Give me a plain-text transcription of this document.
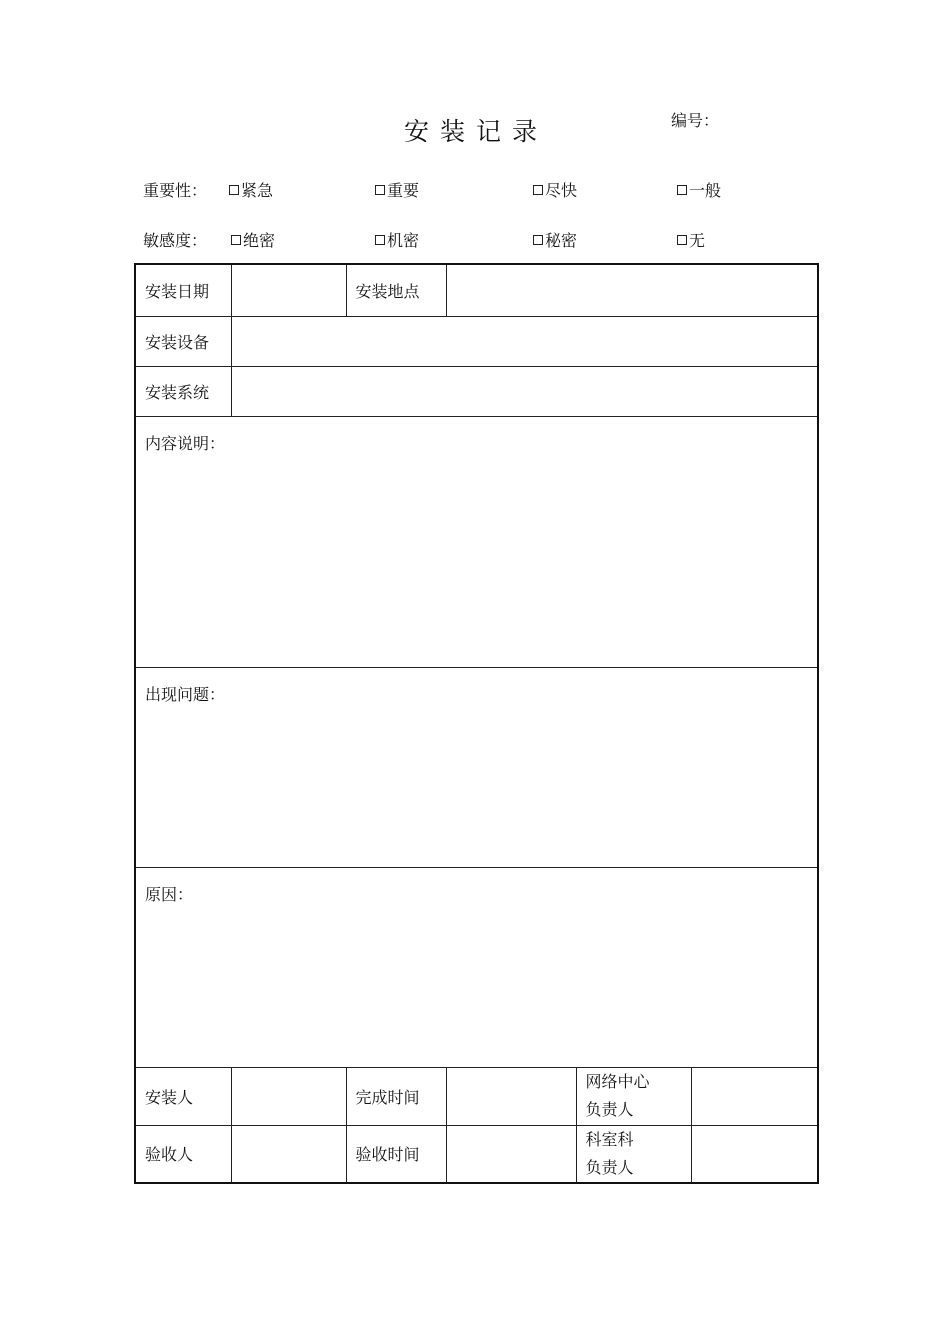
安装记录	编号：
重要性： 紧急	重要	尽快	一般
敏感度： 绝密	机密	秘密	无
安装日期		安装地点			
安装设备					
安装系统					
内容说明：					
出现问题：					
原因：					
安装人		完成时间		网络中心
负责人	

验收人		验收时间		科室科
负责人	
